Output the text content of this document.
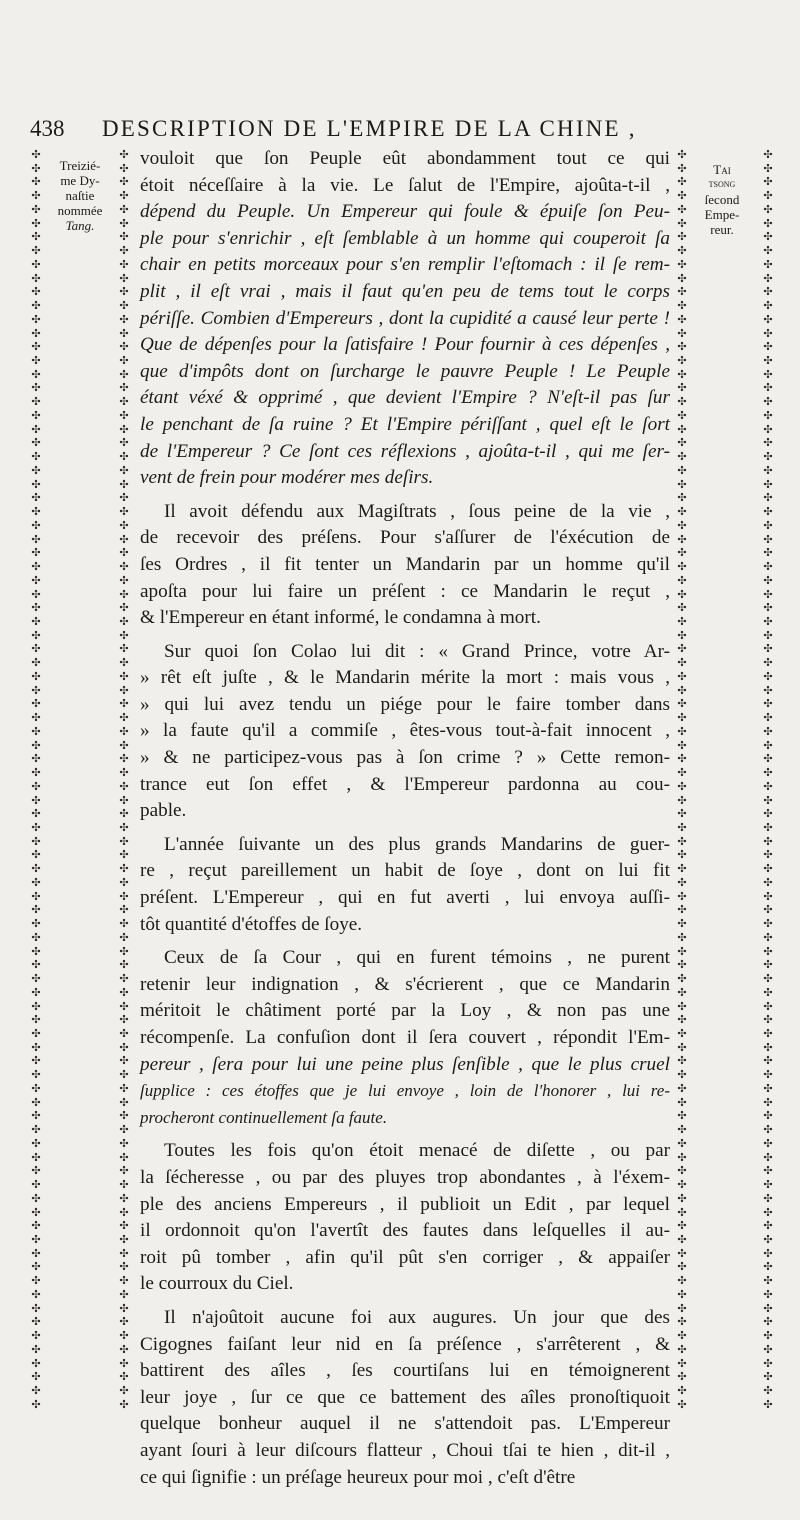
438 DESCRIPTION DE L'EMPIRE DE LA CHINE ,
✣
✣
✣
✣
✣
✣
✣
✣
✣
✣
✣
✣
✣
✣
✣
✣
✣
✣
✣
✣
✣
✣
✣
✣
✣
✣
✣
✣
✣
✣
✣
✣
✣
✣
✣
✣
✣
✣
✣
✣
✣
✣
✣
✣
✣
✣
✣
✣
✣
✣
✣
✣
✣
✣
✣
✣
✣
✣
✣
✣
✣
✣
✣
✣
✣
✣
✣
✣
✣
✣
✣
✣
✣
✣
✣
✣
✣
✣
✣
✣
✣
✣
✣
✣
✣
✣
✣
✣
✣
✣
✣
✣
✣
✣
✣
✣
✣
✣
✣
✣
✣
✣
✣
✣
✣
✣
✣
✣
✣
✣
✣
✣
✣
✣
✣
✣
✣
✣
✣
✣
✣
✣
✣
✣
✣
✣
✣
✣
✣
✣
✣
✣
✣
✣
✣
✣
✣
✣
✣
✣
✣
✣
✣
✣
✣
✣
✣
✣
✣
✣
✣
✣
✣
✣
✣
✣
✣
✣
✣
✣
✣
✣
✣
✣
✣
✣
✣
✣
✣
✣
✣
✣
✣
✣
✣
✣
✣
✣
✣
✣
✣
✣
✣
✣
✣
✣
✣
✣
✣
✣
✣
✣
✣
✣
✣
✣
✣
✣
✣
✣
✣
✣
✣
✣
✣
✣
✣
✣
✣
✣
✣
✣
✣
✣
✣
✣
✣
✣
✣
✣
✣
✣
✣
✣
✣
✣
✣
✣
✣
✣
✣
✣
✣
✣
✣
✣
✣
✣
✣
✣
✣
✣
✣
✣
✣
✣
✣
✣
✣
✣
✣
✣
✣
✣
✣
✣
✣
✣
✣
✣
✣
✣
✣
✣
✣
✣
✣
✣
✣
✣
✣
✣
✣
✣
✣
✣
✣
✣
✣
✣
✣
✣
✣
✣
✣
✣
✣
✣
✣
✣
✣
✣
✣
✣
✣
✣
✣
✣
✣
✣
✣
✣
✣
✣
✣
✣
✣
✣
✣
✣
✣
✣
✣
✣
✣
✣
✣
✣
✣
✣
✣
✣
✣
✣
✣
✣
✣
✣
✣
✣
✣
✣
✣
✣
✣
✣
✣
✣
✣
✣
✣
✣
✣
✣
✣
✣
✣
✣
✣
✣
✣
✣
✣
✣
✣
✣
✣
✣
✣
✣
✣
✣
✣
✣
✣
✣
✣
✣
Treizié-
me Dy-
naſtie
nommée
Tang.
Tai
tsong
ſecond
Empe-
reur.
vouloit que ſon Peuple eût abondamment tout ce qui
étoit néceſſaire à la vie. Le ſalut de l'Empire, ajoûta-t-il ,
dépend du Peuple. Un Empereur qui foule & épuiſe ſon Peu-
ple pour s'enrichir , eſt ſemblable à un homme qui couperoit ſa
chair en petits morceaux pour s'en remplir l'eſtomach : il ſe rem-
plit , il eſt vrai , mais il faut qu'en peu de tems tout le corps
périſſe. Combien d'Empereurs , dont la cupidité a causé leur perte !
Que de dépenſes pour la ſatisfaire ! Pour fournir à ces dépenſes ,
que d'impôts dont on ſurcharge le pauvre Peuple ! Le Peuple
étant véxé & opprimé , que devient l'Empire ? N'eſt-il pas ſur
le penchant de ſa ruine ? Et l'Empire périſſant , quel eſt le ſort
de l'Empereur ? Ce ſont ces réflexions , ajoûta-t-il , qui me ſer-
vent de frein pour modérer mes deſirs.
Il avoit défendu aux Magiſtrats , ſous peine de la vie ,
de recevoir des préſens. Pour s'aſſurer de l'éxécution de
ſes Ordres , il fit tenter un Mandarin par un homme qu'il
apoſta pour lui faire un préſent : ce Mandarin le reçut ,
& l'Empereur en étant informé, le condamna à mort.
Sur quoi ſon Colao lui dit : « Grand Prince, votre Ar-
» rêt eſt juſte , & le Mandarin mérite la mort : mais vous ,
» qui lui avez tendu un piége pour le faire tomber dans
» la faute qu'il a commiſe , êtes-vous tout-à-fait innocent ,
» & ne participez-vous pas à ſon crime ? » Cette remon-
trance eut ſon effet , & l'Empereur pardonna au cou-
pable.
L'année ſuivante un des plus grands Mandarins de guer-
re , reçut pareillement un habit de ſoye , dont on lui fit
préſent. L'Empereur , qui en fut averti , lui envoya auſſi-
tôt quantité d'étoffes de ſoye.
Ceux de ſa Cour , qui en furent témoins , ne purent
retenir leur indignation , & s'écrierent , que ce Mandarin
méritoit le châtiment porté par la Loy , & non pas une
récompenſe. La confuſion dont il ſera couvert , répondit l'Em-
pereur , ſera pour lui une peine plus ſenſible , que le plus cruel
ſupplice : ces étoffes que je lui envoye , loin de l'honorer , lui re-
procheront continuellement ſa faute.
Toutes les fois qu'on étoit menacé de diſette , ou par
la ſécheresse , ou par des pluyes trop abondantes , à l'éxem-
ple des anciens Empereurs , il publioit un Edit , par lequel
il ordonnoit qu'on l'avertît des fautes dans leſquelles il au-
roit pû tomber , afin qu'il pût s'en corriger , & appaiſer
le courroux du Ciel.
Il n'ajoûtoit aucune foi aux augures. Un jour que des
Cigognes faiſant leur nid en ſa préſence , s'arrêterent , &
battirent des aîles , ſes courtiſans lui en témoignerent
leur joye , ſur ce que ce battement des aîles pronoſtiquoit
quelque bonheur auquel il ne s'attendoit pas. L'Empereur
ayant ſouri à leur diſcours flatteur , Choui tſai te hien , dit-il ,
ce qui ſignifie : un préſage heureux pour moi , c'eſt d'être
